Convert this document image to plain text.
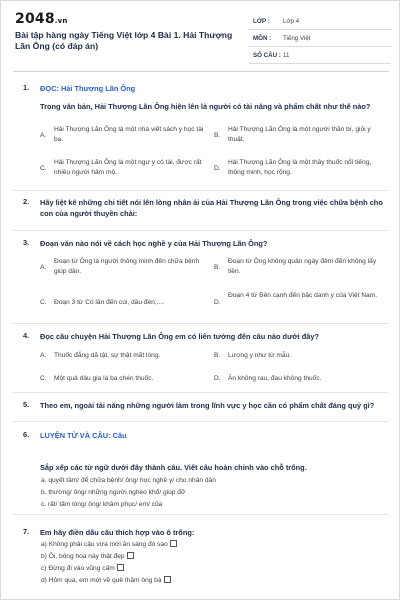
2048.vn
Bài tập hàng ngày Tiếng Việt lớp 4 Bài 1. Hải Thượng Lãn Ông (có đáp án)
LỚP : Lớp 4
MÔN : Tiếng Việt
SỐ CÂU : 11
1. ĐỌC: Hải Thượng Lãn Ông
Trong văn bản, Hải Thượng Lãn Ông hiện lên là người có tài năng và phẩm chất như thế nào?
A.
Hải Thượng Lãn Ông là một nhà viết sách y học tài ba.
B.
Hải Thượng Lãn Ông là một người thần bí, giỏi y thuật.
C.
Hải Thượng Lãn Ông là một ngự y có tài, được rất nhiều người hâm mộ.
D.
Hải Thượng Lãn Ông là một thầy thuốc nổi tiếng, thông minh, học rộng.
2. Hãy liệt kê những chi tiết nói lên lòng nhân ái của Hải Thượng Lãn Ông trong việc chữa bệnh cho con của người thuyền chài:
3. Đoạn văn nào nói về cách học nghề y của Hải Thượng Lãn Ông?
A.
Đoạn từ Ông là người thông minh đến chữa bệnh giúp dân.
B.
Đoạn từ Ông không quản ngày đêm đến không lấy tiền.
C. Đoạn 3 từ Có lần đến cúi, dầu đèn,....	D.
Đoạn 4 từ Bên cạnh đến bậc danh y của Việt Nam.
4. Đọc câu chuyện Hải Thượng Lãn Ông em có liên tưởng đến câu nào dưới đây?
A. Thuốc đắng dã tật, sự thật mất lòng.	B. Lương y như từ mẫu.
C. Một quả dâu gia là ba chén thuốc.	D. Ăn không rau, đau không thuốc.
5. Theo em, ngoài tài năng những người làm trong lĩnh vực y học cần có phẩm chất đáng quý gì?
6. LUYỆN TỪ VÀ CÂU: Câu
Sắp xếp các từ ngữ dưới đây thành câu. Viết câu hoàn chỉnh vào chỗ trống.
a. quyết tâm/ để chữa bệnh/ ông/ học nghề y/ cho nhân dân
b. thường/ ông/ những người nghèo khổ/ giúp đỡ
c. rất/ tấm lòng/ ông/ khâm phục/ em/ của
7. Em hãy điền dấu câu thích hợp vào ô trống:
a) Không phải cậu vừa mới ăn sáng đó sao
b) Ôi, bông hoa này thật đẹp
c) Đừng đi vào vũng cấm
d) Hôm qua, em mới về quê thăm ông bà
